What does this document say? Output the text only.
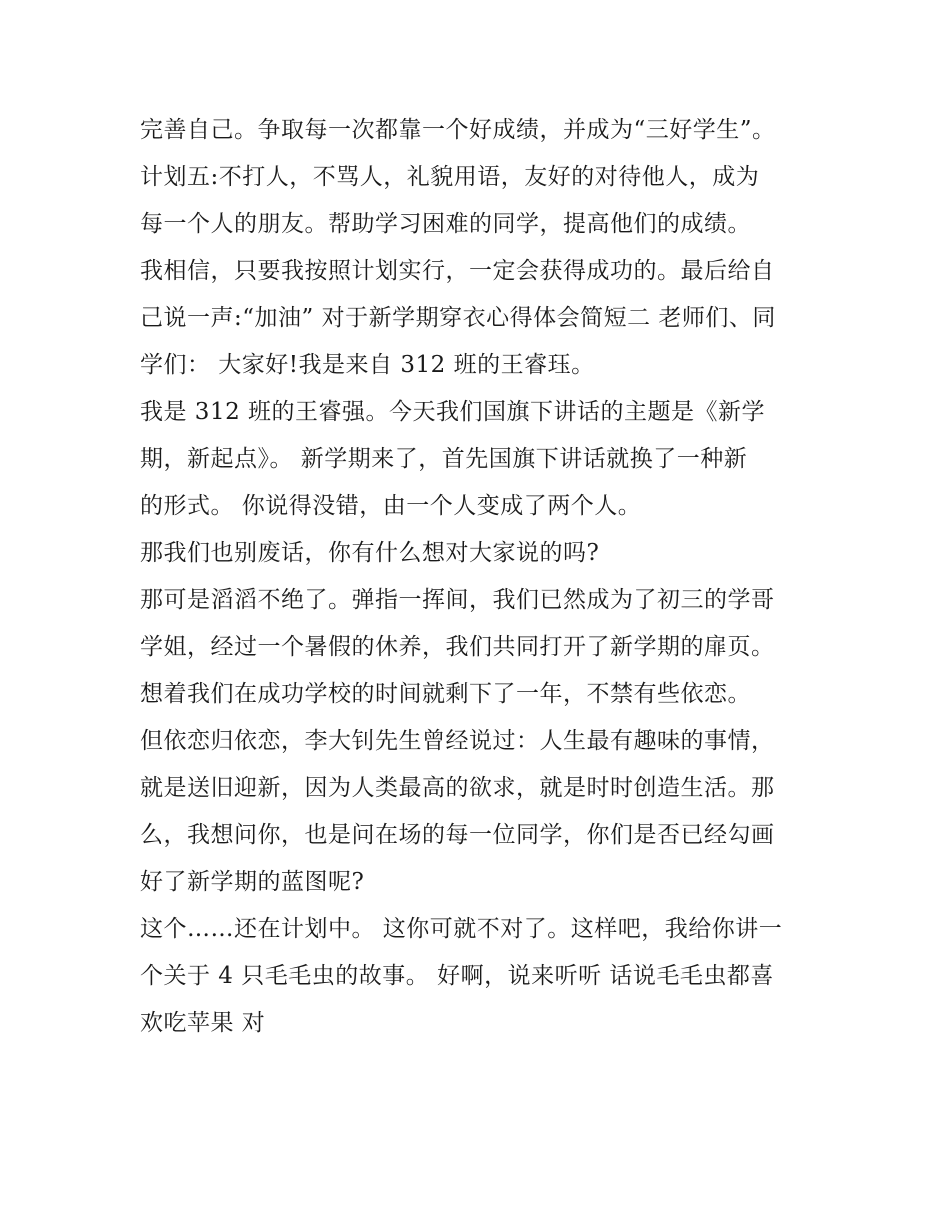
完善自己。争取每一次都靠一个好成绩，并成为“三好学生”。
计划五:不打人，不骂人，礼貌用语，友好的对待他人，成为
每一个人的朋友。帮助学习困难的同学，提高他们的成绩。
我相信，只要我按照计划实行，一定会获得成功的。最后给自
己说一声:“加油” 对于新学期穿衣心得体会简短二 老师们、同
学们： 大家好!我是来自 312 班的王睿珏。
我是 312 班的王睿强。今天我们国旗下讲话的主题是《新学
期，新起点》。 新学期来了，首先国旗下讲话就换了一种新
的形式。 你说得没错，由一个人变成了两个人。
那我们也别废话，你有什么想对大家说的吗?
那可是滔滔不绝了。弹指一挥间，我们已然成为了初三的学哥
学姐，经过一个暑假的休养，我们共同打开了新学期的扉页。
想着我们在成功学校的时间就剩下了一年，不禁有些依恋。
但依恋归依恋，李大钊先生曾经说过：人生最有趣味的事情，
就是送旧迎新，因为人类最高的欲求，就是时时创造生活。那
么，我想问你，也是问在场的每一位同学，你们是否已经勾画
好了新学期的蓝图呢?
这个……还在计划中。 这你可就不对了。这样吧，我给你讲一
个关于 4 只毛毛虫的故事。 好啊，说来听听 话说毛毛虫都喜
欢吃苹果 对
